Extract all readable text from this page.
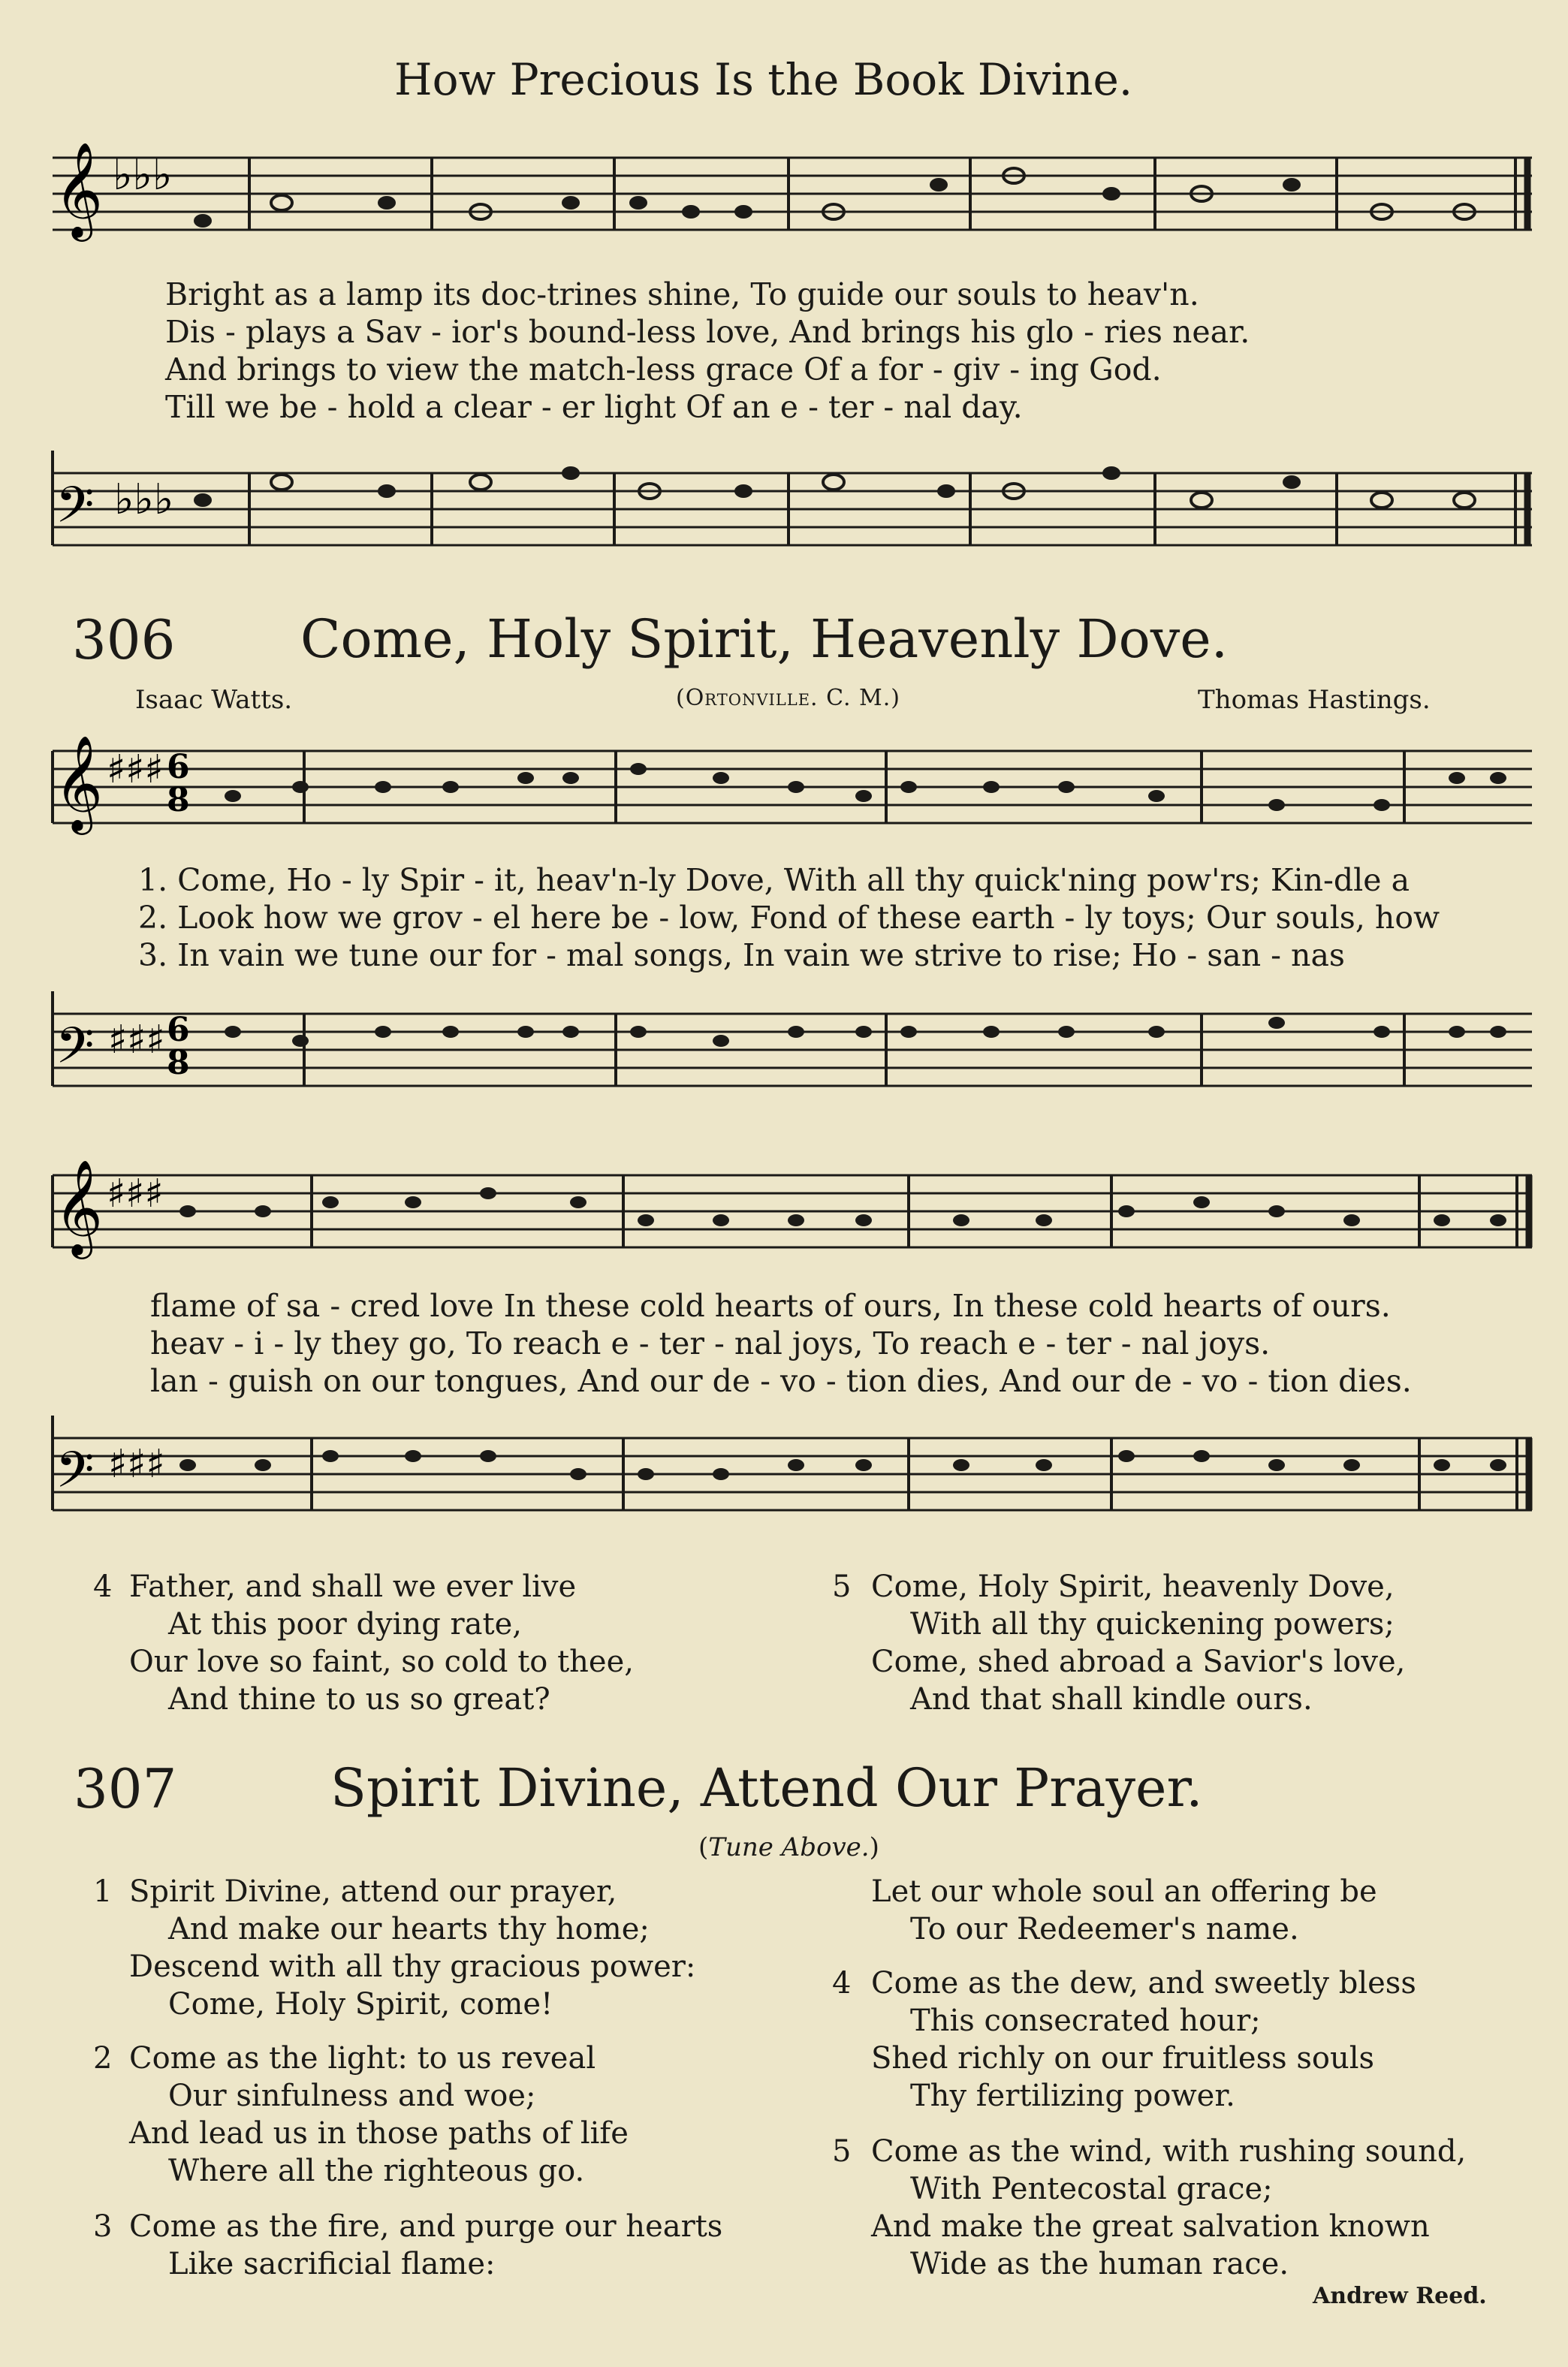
How Precious Is the Book Divine.
𝄞 ♭♭♭
Bright as a lamp its doc-trines shine, To guide our souls to heav'n.
Dis - plays a Sav - ior's bound-less love, And brings his glo - ries near.
And brings to view the match-less grace Of a for - giv - ing God.
Till we be - hold a clear - er light Of an e - ter - nal day.
𝄢 ♭♭♭
306 Come, Holy Spirit, Heavenly Dove.
Isaac Watts.	(Ortonville. C. M.)	Thomas Hastings.
𝄞 ♯♯♯ 6
8
1. Come, Ho - ly Spir - it, heav'n-ly Dove, With all thy quick'ning pow'rs; Kin-dle a
2. Look how we grov - el here be - low, Fond of these earth - ly toys; Our souls, how
3. In vain we tune our for - mal songs, In vain we strive to rise; Ho - san - nas
𝄢 ♯♯♯ 6
8
𝄞 ♯♯♯
flame of sa - cred love In these cold hearts of ours, In these cold hearts of ours.
heav - i - ly they go, To reach e - ter - nal joys, To reach e - ter - nal joys.
lan - guish on our tongues, And our de - vo - tion dies, And our de - vo - tion dies.
𝄢 ♯♯♯
4 Father, and shall we ever live
At this poor dying rate,
Our love so faint, so cold to thee,
And thine to us so great?
5 Come, Holy Spirit, heavenly Dove,
With all thy quickening powers;
Come, shed abroad a Savior's love,
And that shall kindle ours.
307	Spirit Divine, Attend Our Prayer.
(Tune Above.)
1 Spirit Divine, attend our prayer,
And make our hearts thy home;
Descend with all thy gracious power:
Come, Holy Spirit, come!
2 Come as the light: to us reveal
Our sinfulness and woe;
And lead us in those paths of life
Where all the righteous go.
3 Come as the fire, and purge our hearts
Like sacrificial flame:
Let our whole soul an offering be
To our Redeemer's name.
4 Come as the dew, and sweetly bless
This consecrated hour;
Shed richly on our fruitless souls
Thy fertilizing power.
5 Come as the wind, with rushing sound,
With Pentecostal grace;
And make the great salvation known
Wide as the human race.
Andrew Reed.
